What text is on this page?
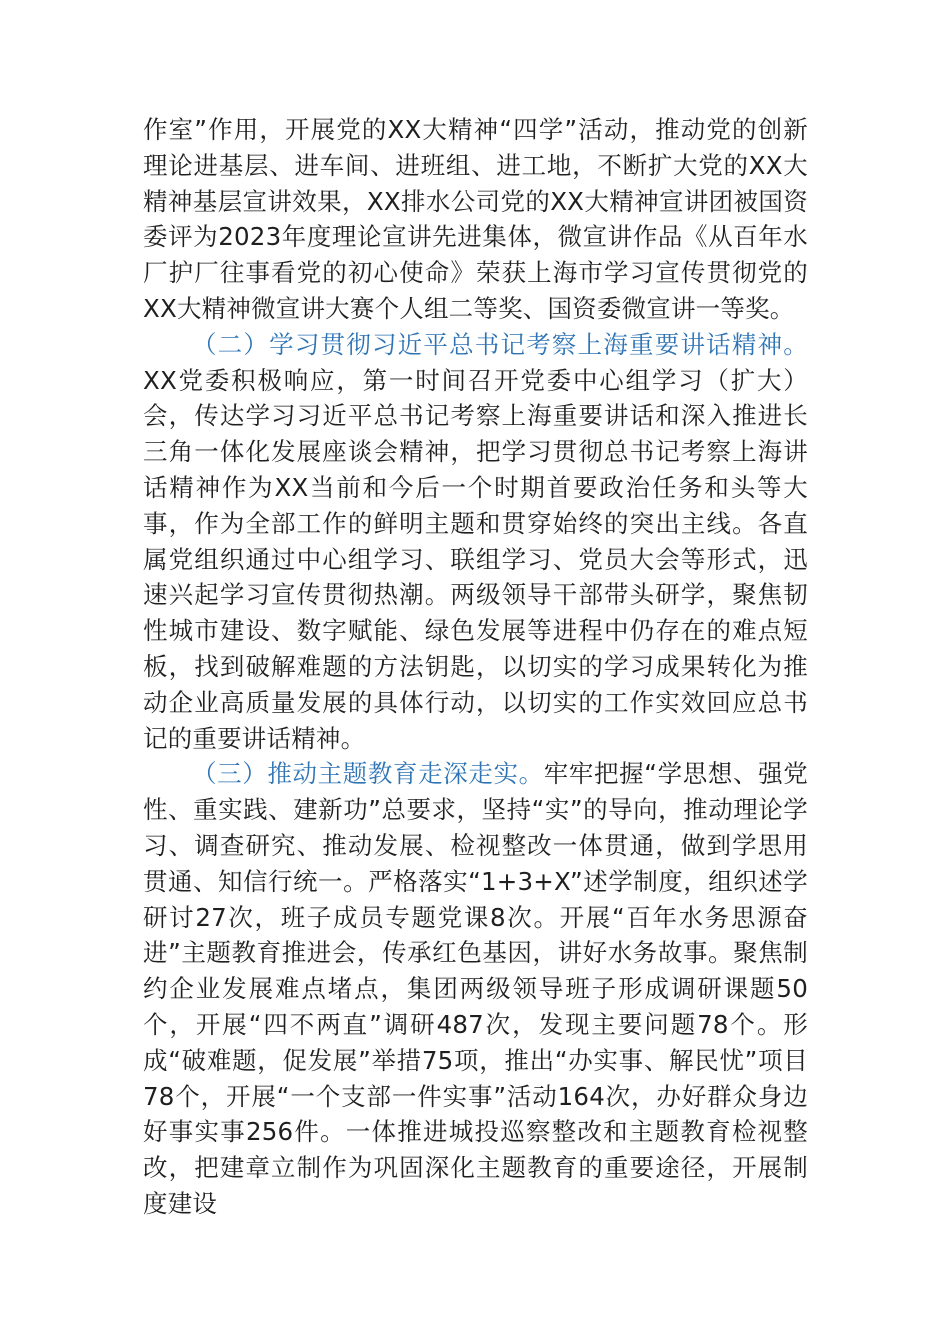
作室”作用，开展党的XX大精神“四学”活动，推动党的创新理论进基层、进车间、进班组、进工地，不断扩大党的XX大精神基层宣讲效果，XX排水公司党的XX大精神宣讲团被国资委评为2023年度理论宣讲先进集体，微宣讲作品《从百年水厂护厂往事看党的初心使命》荣获上海市学习宣传贯彻党的XX大精神微宣讲大赛个人组二等奖、国资委微宣讲一等奖。

（二）学习贯彻习近平总书记考察上海重要讲话精神。XX党委积极响应，第一时间召开党委中心组学习（扩大）会，传达学习习近平总书记考察上海重要讲话和深入推进长三角一体化发展座谈会精神，把学习贯彻总书记考察上海讲话精神作为XX当前和今后一个时期首要政治任务和头等大事，作为全部工作的鲜明主题和贯穿始终的突出主线。各直属党组织通过中心组学习、联组学习、党员大会等形式，迅速兴起学习宣传贯彻热潮。两级领导干部带头研学，聚焦韧性城市建设、数字赋能、绿色发展等进程中仍存在的难点短板，找到破解难题的方法钥匙，以切实的学习成果转化为推动企业高质量发展的具体行动，以切实的工作实效回应总书记的重要讲话精神。

（三）推动主题教育走深走实。牢牢把握“学思想、强党性、重实践、建新功”总要求，坚持“实”的导向，推动理论学习、调查研究、推动发展、检视整改一体贯通，做到学思用贯通、知信行统一。严格落实“1+3+X”述学制度，组织述学研讨27次，班子成员专题党课8次。开展“百年水务思源奋进”主题教育推进会，传承红色基因，讲好水务故事。聚焦制约企业发展难点堵点，集团两级领导班子形成调研课题50个，开展“四不两直”调研487次，发现主要问题78个。形成“破难题，促发展”举措75项，推出“办实事、解民忧”项目78个，开展“一个支部一件实事”活动164次，办好群众身边好事实事256件。一体推进城投巡察整改和主题教育检视整改，把建章立制作为巩固深化主题教育的重要途径，开展制度建设
